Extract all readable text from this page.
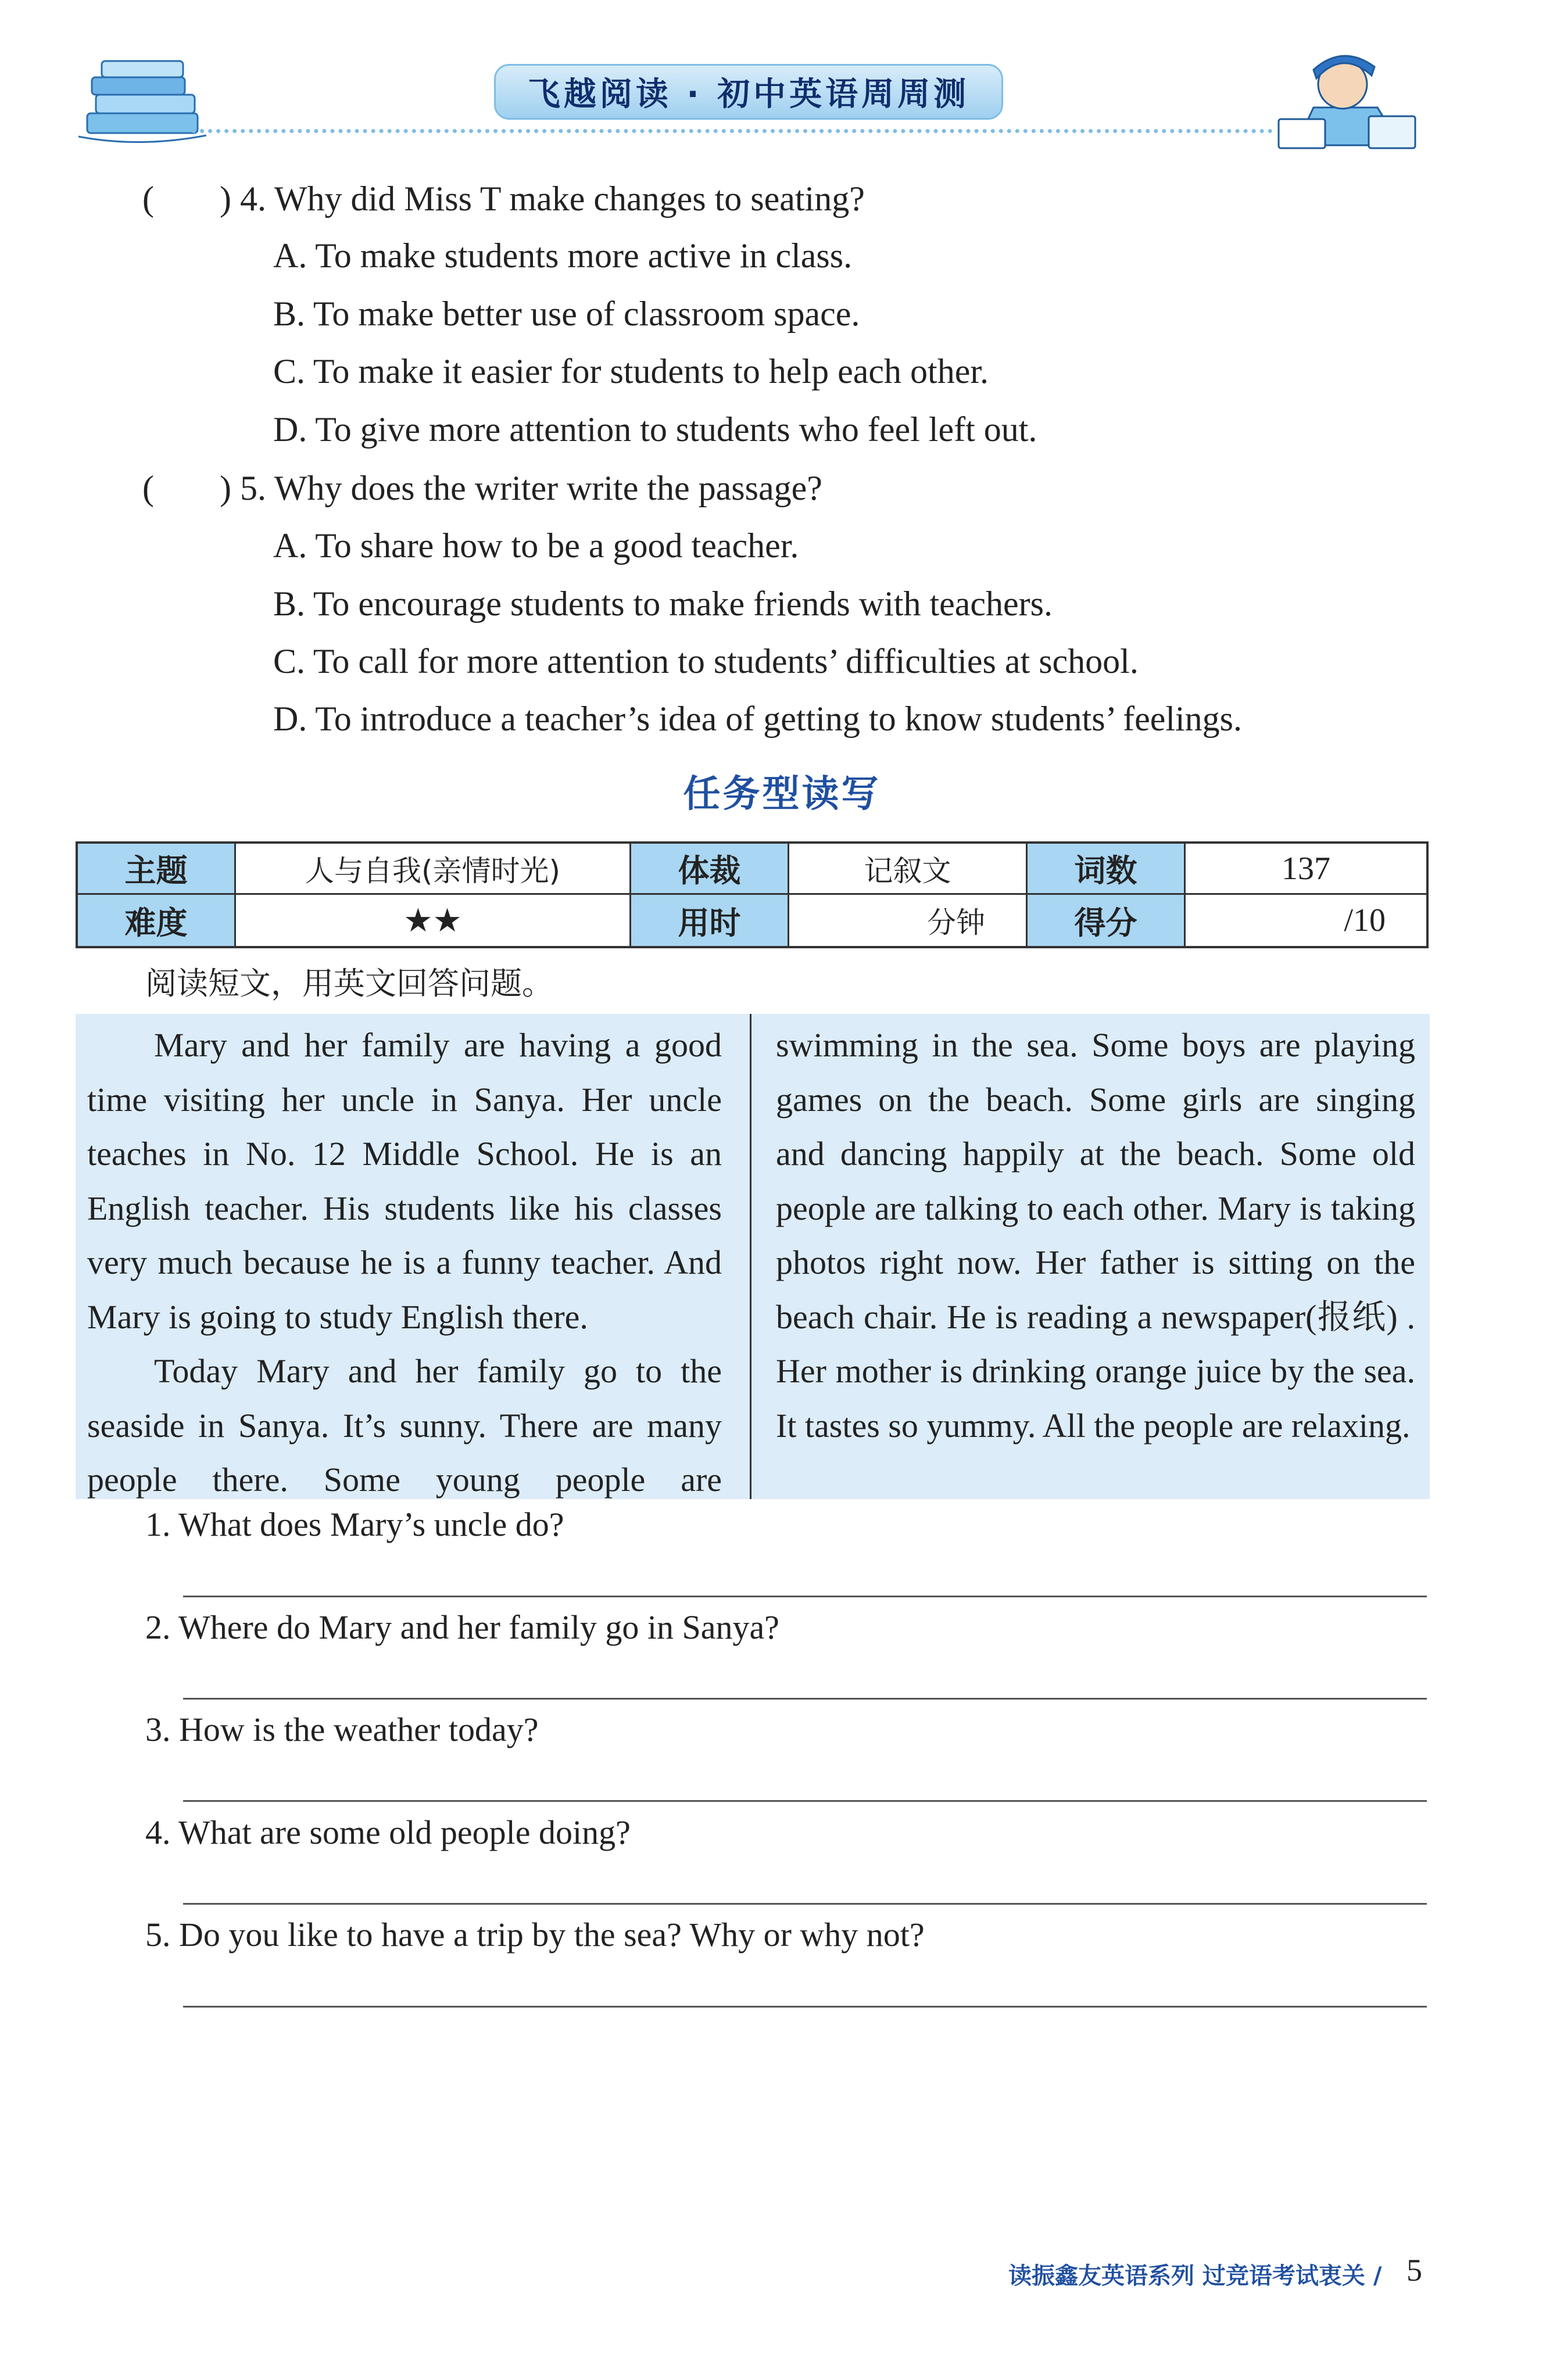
飞越阅读 · 初中英语周周测
( ) 4. Why did Miss T make changes to seating?
A. To make students more active in class.
B. To make better use of classroom space.
C. To make it easier for students to help each other.
D. To give more attention to students who feel left out.
( ) 5. Why does the writer write the passage?
A. To share how to be a good teacher.
B. To encourage students to make friends with teachers.
C. To call for more attention to students’ difficulties at school.
D. To introduce a teacher’s idea of getting to know students’ feelings.
任务型读写
主题	人与自我(亲情时光)	体裁	记叙文	词数	137
难度	★★	用时	分钟	得分	/10
阅读短文，用英文回答问题。

Mary and her family are having a good time visiting her uncle in Sanya. Her uncle teaches in No. 12 Middle School. He is an English teacher. His students like his classes very much because he is a funny teacher. And Mary is going to study English there.

Today Mary and her family go to the seaside in Sanya. It’s sunny. There are many people there. Some young people are

swimming in the sea. Some boys are playing games on the beach. Some girls are singing and dancing happily at the beach. Some old people are talking to each other. Mary is taking photos right now. Her father is sitting on the beach chair. He is reading a newspaper(报纸) . Her mother is drinking orange juice by the sea. It tastes so yummy. All the people are relaxing.

1. What does Mary’s uncle do?
2. Where do Mary and her family go in Sanya?
3. How is the weather today?
4. What are some old people doing?
5. Do you like to have a trip by the sea? Why or why not?
读振鑫友英语系列 过竞语考试衷关 / 5
